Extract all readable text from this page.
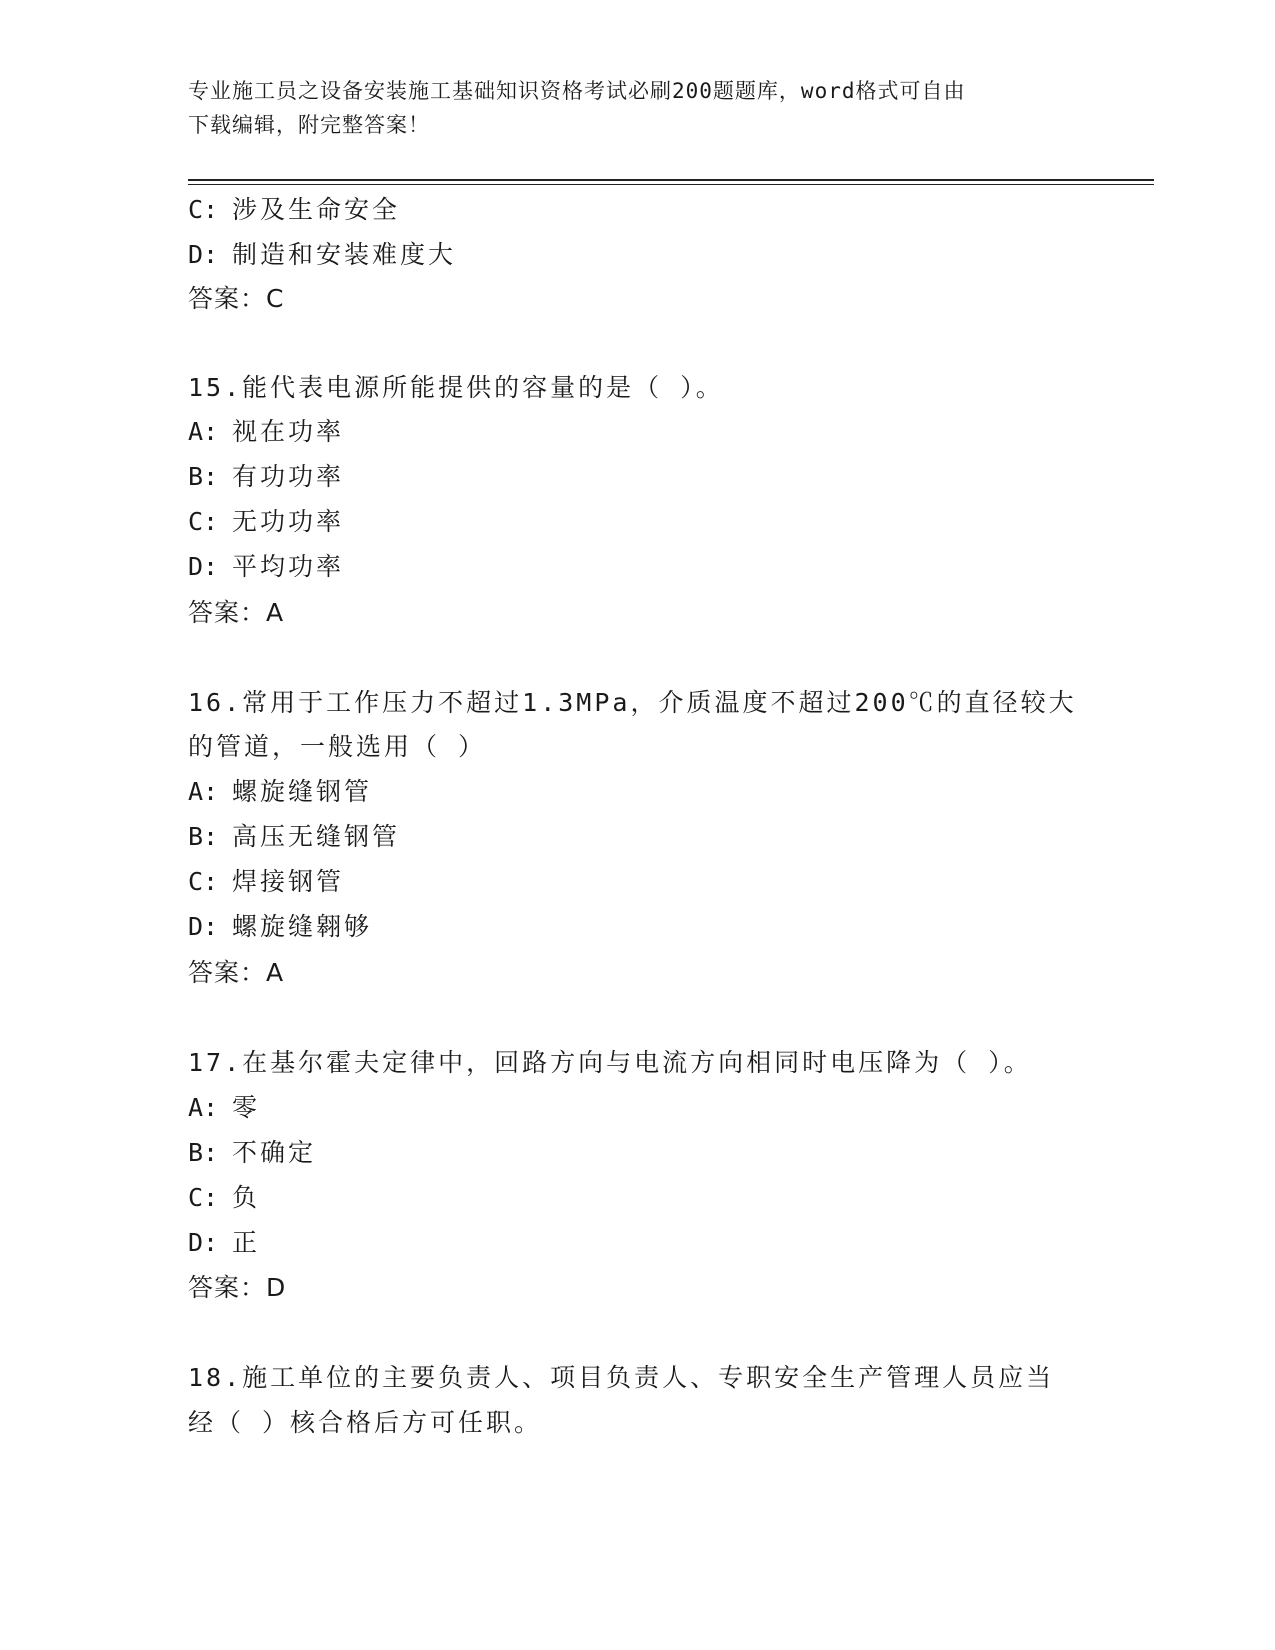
专业施工员之设备安装施工基础知识资格考试必刷200题题库，word格式可自由
下载编辑，附完整答案！
C: 涉及生命安全
D: 制造和安装难度大
答案：C
15.能代表电源所能提供的容量的是（ ）。
A: 视在功率
B: 有功功率
C: 无功功率
D: 平均功率
答案：A
16.常用于工作压力不超过1.3MPa，介质温度不超过200℃的直径较大
的管道，一般选用（ ）
A: 螺旋缝钢管
B: 高压无缝钢管
C: 焊接钢管
D: 螺旋缝翱够
答案：A
17.在基尔霍夫定律中，回路方向与电流方向相同时电压降为（ ）。
A: 零
B: 不确定
C: 负
D: 正
答案：D
18.施工单位的主要负责人、项目负责人、专职安全生产管理人员应当
经（ ）核合格后方可任职。
